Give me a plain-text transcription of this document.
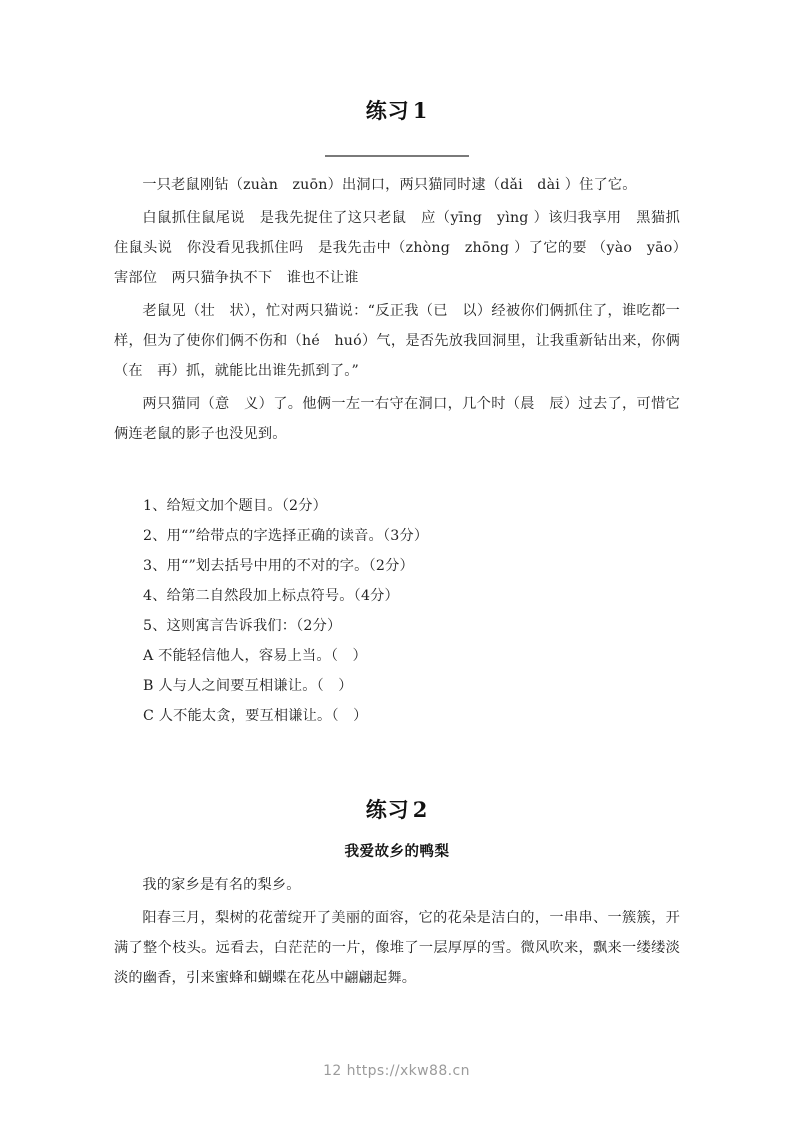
练习 1

一只老鼠刚钻（zuàn　zuōn）出洞口，两只猫同时逮（dǎi　dài ）住了它。

白鼠抓住鼠尾说　是我先捉住了这只老鼠　应（yīng　yìng ）该归我享用　黑猫抓住鼠头说　你没看见我抓住吗　是我先击中（zhòng　zhōng ）了它的要 （yào　yāo）害部位　两只猫争执不下　谁也不让谁

老鼠见（壮　状），忙对两只猫说：“反正我（已　以）经被你们俩抓住了，谁吃都一样，但为了使你们俩不伤和（hé　huó）气，是否先放我回洞里，让我重新钻出来，你俩（在　再）抓，就能比出谁先抓到了。”

两只猫同（意　义）了。他俩一左一右守在洞口，几个时（晨　辰）过去了，可惜它俩连老鼠的影子也没见到。

1、给短文加个题目。（2分）

2、用“”给带点的字选择正确的读音。（3分）

3、用“”划去括号中用的不对的字。（2分）

4、给第二自然段加上标点符号。（4分）

5、这则寓言告诉我们：（2分）

A 不能轻信他人，容易上当。（　）

B 人与人之间要互相谦让。（　）

C 人不能太贪，要互相谦让。（　）

练习 2
我爱故乡的鸭梨

我的家乡是有名的梨乡。

阳春三月，梨树的花蕾绽开了美丽的面容，它的花朵是洁白的，一串串、一簇簇，开满了整个枝头。远看去，白茫茫的一片，像堆了一层厚厚的雪。微风吹来，飘来一缕缕淡淡的幽香，引来蜜蜂和蝴蝶在花丛中翩翩起舞。

12 https://xkw88.cn
